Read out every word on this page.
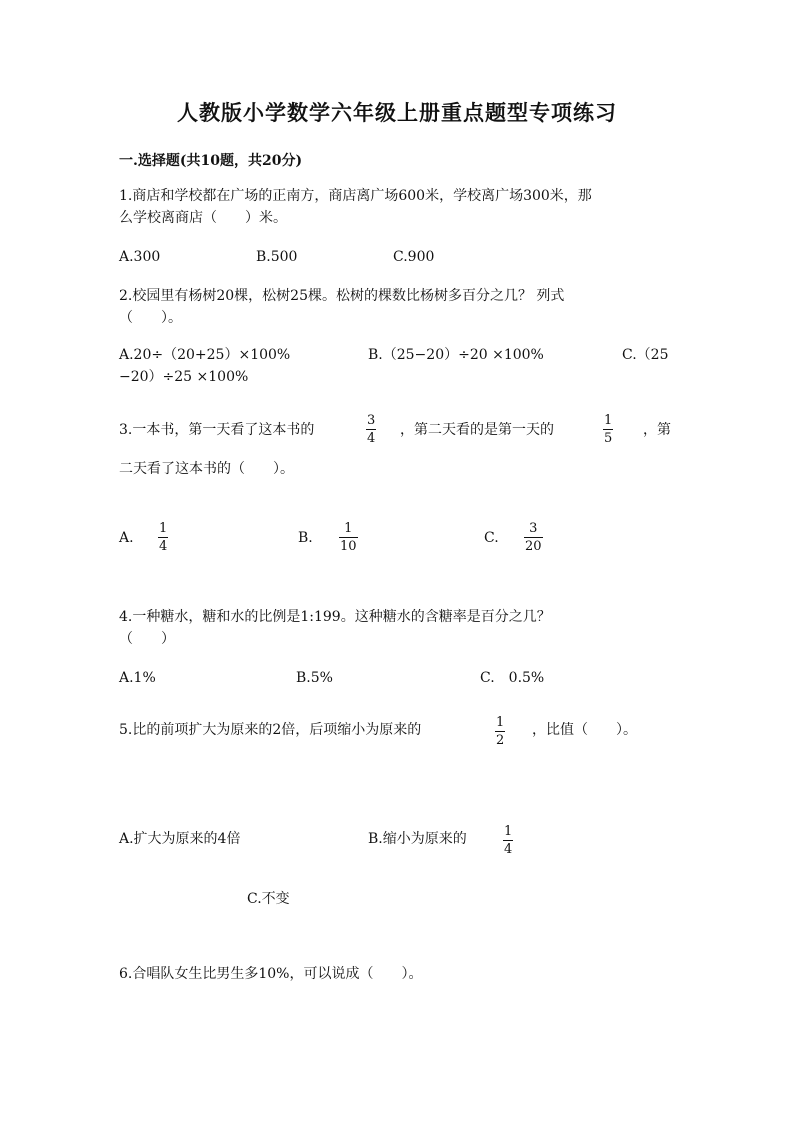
人教版小学数学六年级上册重点题型专项练习
一.选择题(共10题，共20分)
1.商店和学校都在广场的正南方，商店离广场600米，学校离广场300米，那
么学校离商店（　　）米。
A.300	B.500	C.900
2.校园里有杨树20棵，松树25棵。松树的棵数比杨树多百分之几？ 列式
（　　）。
A.20÷（20+25）×100%	B.（25−20）÷20 ×100%	C.（25
−20）÷25 ×100%
3.一本书，第一天看了这本书的
3
4
，第二天看的是第一天的
1
5
，第
二天看了这本书的（　　）。
A.
1
4
B.
1
10
C.
3
20
4.一种糖水，糖和水的比例是1:199。这种糖水的含糖率是百分之几？
（　　）
A.1%	B.5%	C.　0.5%
5.比的前项扩大为原来的2倍，后项缩小为原来的	1
2
，比值（　　）。
A.扩大为原来的4倍	B.缩小为原来的	1
4
C.不变
6.合唱队女生比男生多10%，可以说成（　　）。
